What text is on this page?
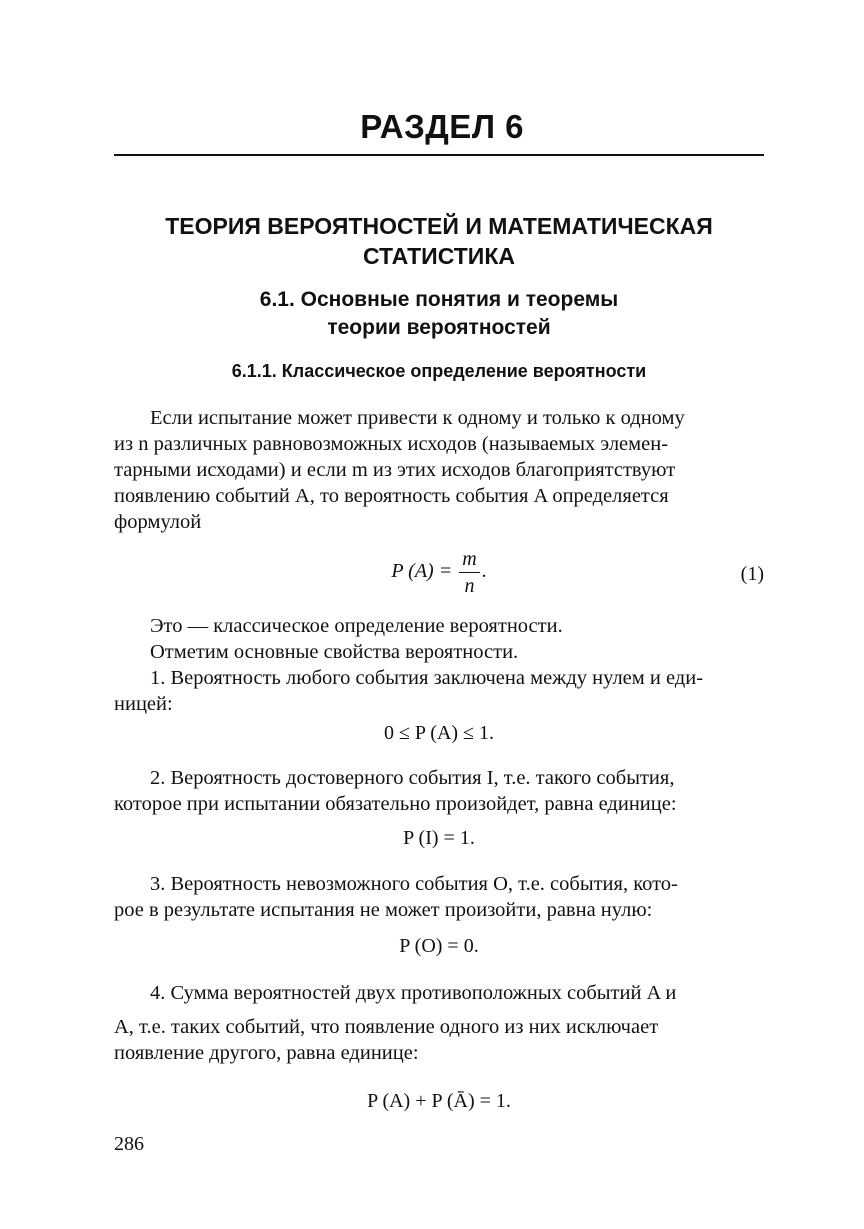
РАЗДЕЛ 6
ТЕОРИЯ ВЕРОЯТНОСТЕЙ И МАТЕМАТИЧЕСКАЯ
СТАТИСТИКА
6.1. Основные понятия и теоремы
теории вероятностей
6.1.1. Классическое определение вероятности
Если испытание может привести к одному и только к одному
из n различных равновозможных исходов (называемых элемен-
тарными исходами) и если m из этих исходов благоприятствуют
появлению событий A, то вероятность события A определяется
формулой
P $(A) = \frac{m}{n}$ .	(1)
Это — классическое определение вероятности.
Отметим основные свойства вероятности.
1. Вероятность любого события заключена между нулем и еди-
ницей:
0 ≤ P (A) ≤ 1.
2. Вероятность достоверного события I, т.е. такого события,
которое при испытании обязательно произойдет, равна единице:
P (I) = 1.
3. Вероятность невозможного события O, т.е. события, кото-
рое в результате испытания не может произойти, равна нулю:
P (O) = 0.
4. Сумма вероятностей двух противоположных событий A и
A, т.е. таких событий, что появление одного из них исключает
появление другого, равна единице:
P (A) + P (Ā) = 1.
286
